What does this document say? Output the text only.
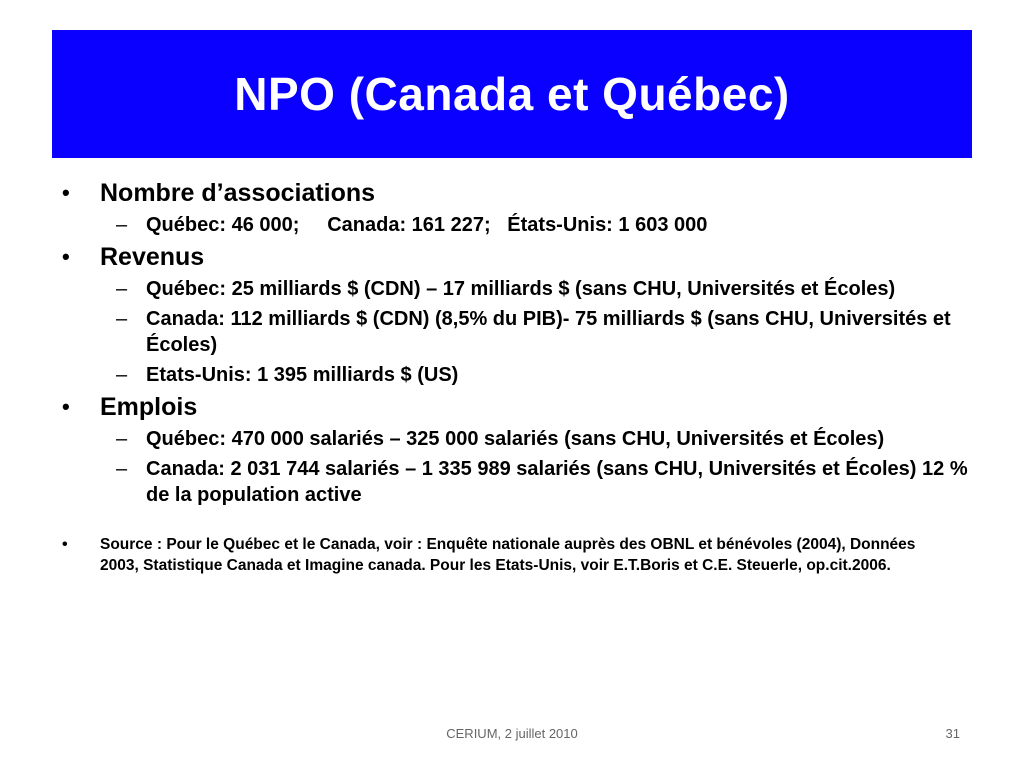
NPO (Canada et Québec)
• Nombre d’associations
– Québec: 46 000;     Canada: 161 227;   États-Unis: 1 603 000
• Revenus
– Québec: 25 milliards $ (CDN) – 17 milliards $ (sans CHU, Universités et Écoles)
– Canada: 112 milliards $ (CDN) (8,5% du PIB)- 75 milliards $ (sans CHU, Universités et Écoles)
– Etats-Unis: 1 395 milliards $ (US)
• Emplois
– Québec: 470 000 salariés – 325 000 salariés (sans CHU, Universités et Écoles)
– Canada: 2 031 744 salariés – 1 335 989 salariés (sans CHU, Universités et Écoles) 12 % de la population active
• Source : Pour le Québec et le Canada, voir : Enquête nationale auprès des OBNL et bénévoles (2004), Données 2003, Statistique Canada et Imagine canada. Pour les Etats-Unis, voir E.T.Boris et C.E. Steuerle, op.cit.2006.
CERIUM, 2 juillet 2010	31
